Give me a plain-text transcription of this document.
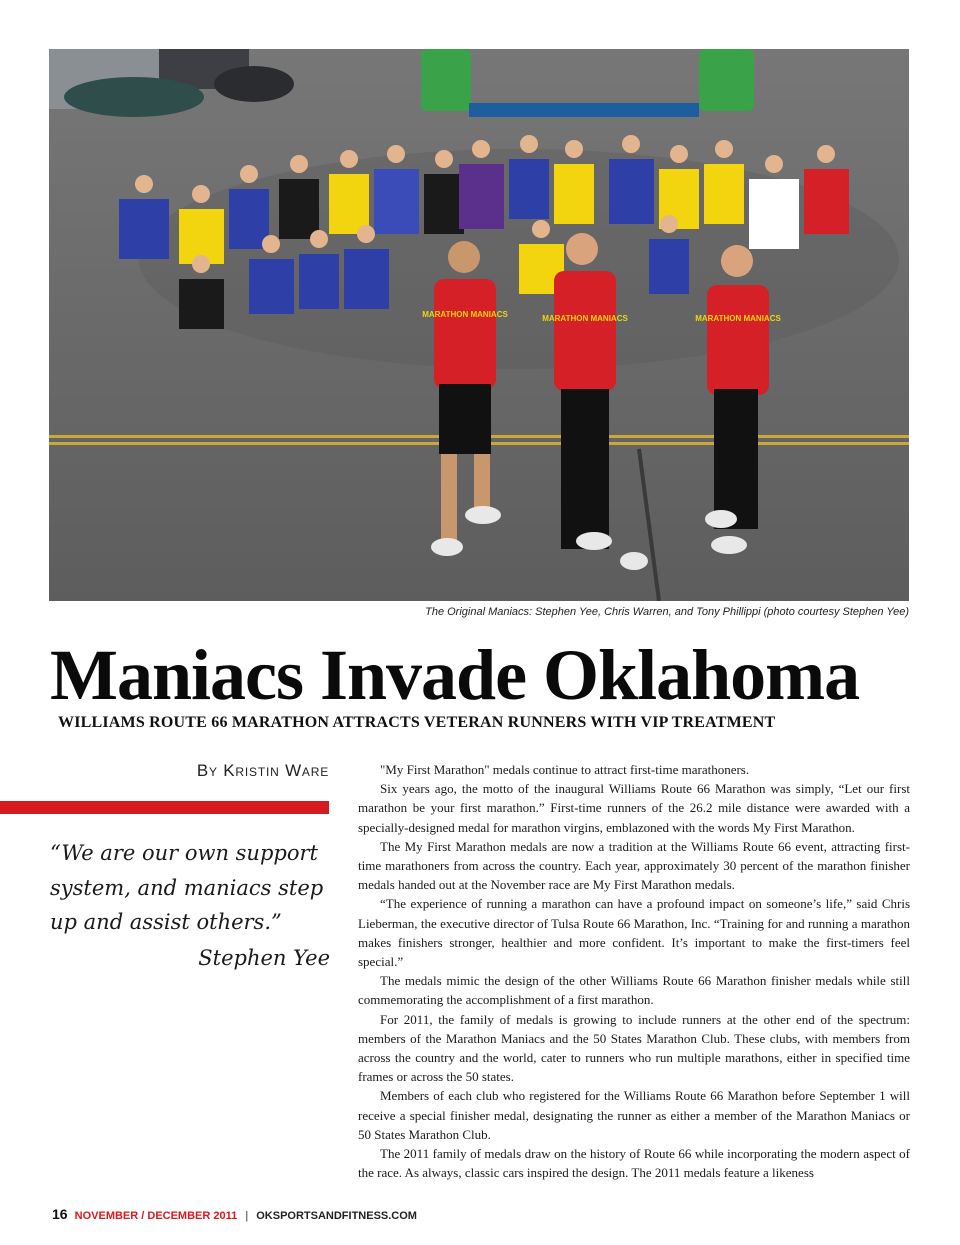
MARATHON MANIACS	MARATHON MANIACS	MARATHON MANIACS
The Original Maniacs: Stephen Yee, Chris Warren, and Tony Phillippi (photo courtesy Stephen Yee)
Maniacs Invade Oklahoma
WILLIAMS ROUTE 66 MARATHON ATTRACTS VETERAN RUNNERS WITH VIP TREATMENT
By Kristin Ware
“We are our own support system, and maniacs step up and assist others.”
Stephen Yee

"My First Marathon" medals continue to attract first-time marathoners.

Six years ago, the motto of the inaugural Williams Route 66 Marathon was simply, “Let our first marathon be your first marathon.” First-time runners of the 26.2 mile distance were awarded with a specially-designed medal for marathon virgins, emblazoned with the words My First Marathon.

The My First Marathon medals are now a tradition at the Williams Route 66 event, attracting first-time marathoners from across the country. Each year, approximately 30 percent of the marathon finisher medals handed out at the November race are My First Marathon medals.

“The experience of running a marathon can have a profound impact on someone’s life,” said Chris Lieberman, the executive director of Tulsa Route 66 Marathon, Inc. “Training for and running a marathon makes finishers stronger, healthier and more confident. It’s important to make the first-timers feel special.”

The medals mimic the design of the other Williams Route 66 Marathon finisher medals while still commemorating the accomplishment of a first marathon.

For 2011, the family of medals is growing to include runners at the other end of the spectrum: members of the Marathon Maniacs and the 50 States Marathon Club. These clubs, with members from across the country and the world, cater to runners who run multiple marathons, either in specified time frames or across the 50 states.

Members of each club who registered for the Williams Route 66 Marathon before September 1 will receive a special finisher medal, designating the runner as either a member of the Marathon Maniacs or 50 States Marathon Club.

The 2011 family of medals draw on the history of Route 66 while incorporating the modern aspect of the race. As always, classic cars inspired the design. The 2011 medals feature a likeness

16 NOVEMBER / DECEMBER 2011 | OKSPORTSANDFITNESS.COM
